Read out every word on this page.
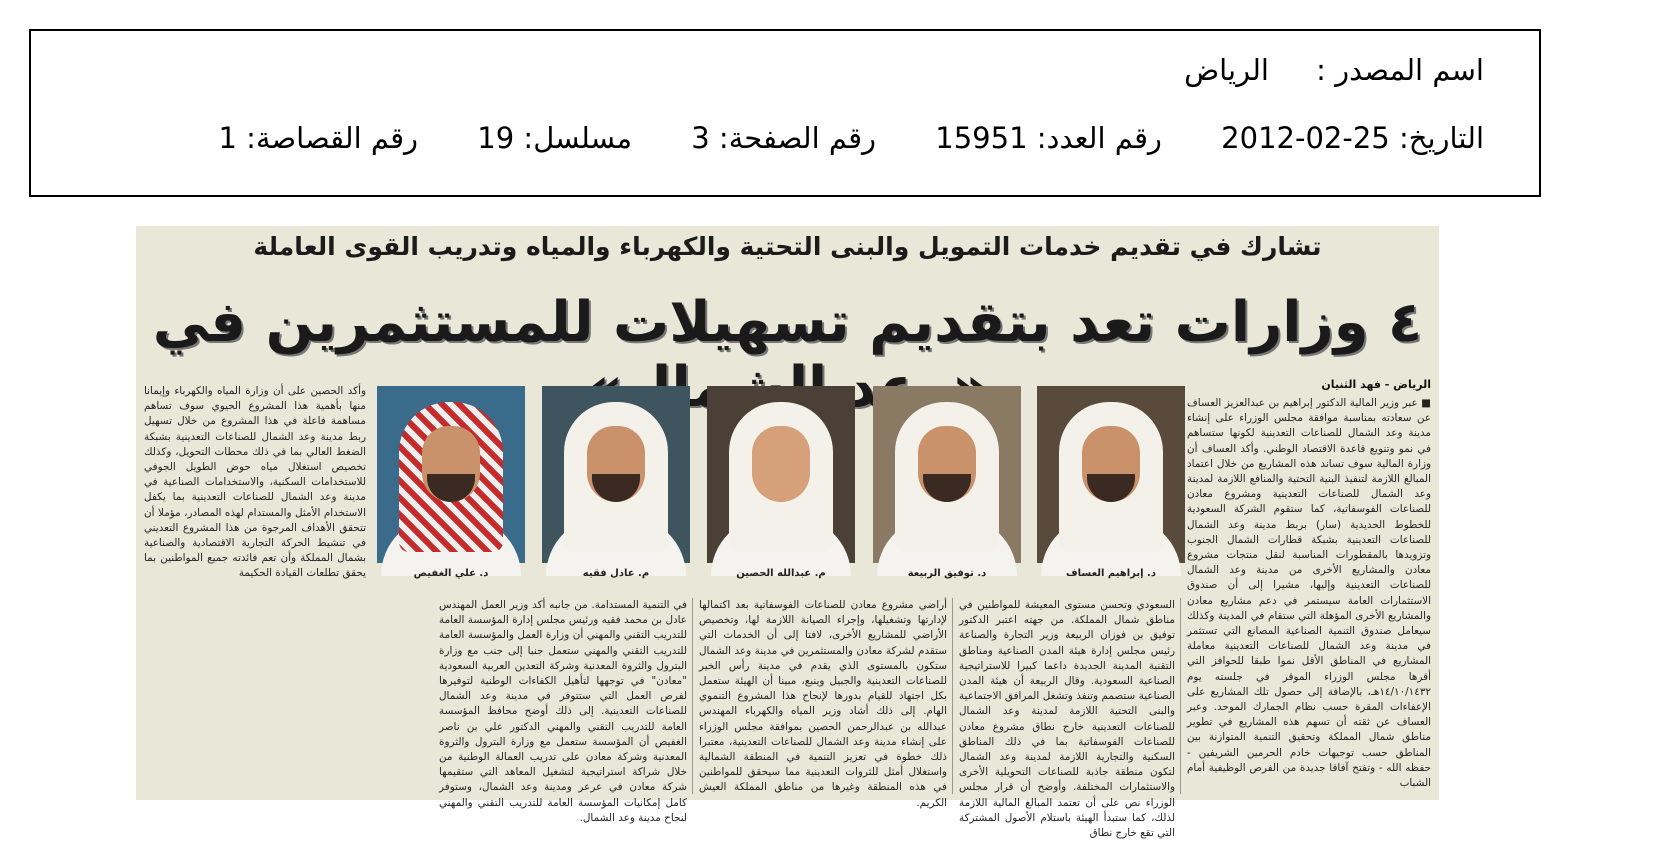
اسم المصدر :الرياض
التاريخ: 25-02-2012 رقم العدد: 15951 رقم الصفحة: 3 مسلسل: 19 رقم القصاصة: 1
تشارك في تقديم خدمات التمويل والبنى التحتية والكهرباء والمياه وتدريب القوى العاملة
٤ وزارات تعد بتقديم تسهيلات للمستثمرين في
الرياض - فهد الثنيان
د. إبراهيم العساف
د. توفيق الربيعة
م. عبدالله الحصين
م. عادل فقيه
د. علي الغفيص

■ عبر وزير المالية الدكتور إبراهيم بن عبدالعزيز العساف عن سعادته بمناسبة موافقة مجلس الوزراء على إنشاء مدينة وعد الشمال للصناعات التعدينية لكونها ستساهم في نمو وتنويع قاعدة الاقتصاد الوطني. وأكد العساف أن وزارة المالية سوف تساند هذه المشاريع من خلال اعتماد المبالغ اللازمة لتنفيذ البنية التحتية والمنافع اللازمة لمدينة وعد الشمال للصناعات التعدينية ومشروع معادن للصناعات الفوسفاتية، كما ستقوم الشركة السعودية للخطوط الحديدية (سار) بربط مدينة وعد الشمال للصناعات التعدينية بشبكة قطارات الشمال الجنوب وتزويدها بالمقطورات المناسبة لنقل منتجات مشروع معادن والمشاريع الأخرى من مدينة وعد الشمال للصناعات التعدينية وإليها، مشيرا إلى أن صندوق الاستثمارات العامة سيستمر في دعم مشاريع معادن والمشاريع الأخرى المؤهلة التي ستقام في المدينة وكذلك سيعامل صندوق التنمية الصناعية المصانع التي تستثمر في مدينة وعد الشمال للصناعات التعدينية معاملة المشاريع في المناطق الأقل نموا طبقا للحوافز التي أقرها مجلس الوزراء الموقر في جلسته يوم ١٤/١٠/١٤٣٢هـ، بالإضافة إلى حصول تلك المشاريع على الإعفاءات المقرة حسب نظام الجمارك الموحد. وعبر العساف عن ثقته أن تسهم هذه المشاريع في تطوير مناطق شمال المملكة وتحقيق التنمية المتوازنة بين المناطق حسب توجيهات خادم الحرمين الشريفين - حفظه الله - وتفتح آفاقا جديدة من الفرص الوظيفية أمام الشباب

السعودي وتحسن مستوى المعيشة للمواطنين في مناطق شمال المملكة. من جهته اعتبر الدكتور توفيق بن فوزان الربيعة وزير التجارة والصناعة رئيس مجلس إدارة هيئة المدن الصناعية ومناطق التقنية المدينة الجديدة داعما كبيرا للاستراتيجية الصناعية السعودية. وقال الربيعة أن هيئة المدن الصناعية ستصمم وتنفذ وتشغل المرافق الاجتماعية والبنى التحتية اللازمة لمدينة وعد الشمال للصناعات التعدينية خارج نطاق مشروع معادن للصناعات الفوسفاتية بما في ذلك المناطق السكنية والتجارية اللازمة لمدينة وعد الشمال لتكون منطقة جاذبة للصناعات التحويلية الأخرى والاستثمارات المختلفة. وأوضح أن قرار مجلس الوزراء نص على أن تعتمد المبالغ المالية اللازمة لذلك، كما ستبدأ الهيئة باستلام الأصول المشتركة التي تقع خارج نطاق

أراضي مشروع معادن للصناعات الفوسفاتية بعد اكتمالها لإدارتها وتشغيلها، وإجراء الصيانة اللازمة لها، وتخصيص الأراضي للمشاريع الأخرى، لافتا إلى أن الخدمات التي ستقدم لشركة معادن والمستثمرين في مدينة وعد الشمال ستكون بالمستوى الذي يقدم في مدينة رأس الخير للصناعات التعدينية والجبيل وينبع، مبينا أن الهيئة ستعمل بكل اجتهاد للقيام بدورها لإنجاح هذا المشروع التنموي الهام. إلى ذلك أشاد وزير المياه والكهرباء المهندس عبدالله بن عبدالرحمن الحصين بموافقة مجلس الوزراء على إنشاء مدينة وعد الشمال للصناعات التعدينية، معتبرا ذلك خطوة في تعزيز التنمية في المنطقة الشمالية واستغلال أمثل للثروات التعدينية مما سيحقق للمواطنين في هذه المنطقة وغيرها من مناطق المملكة العيش الكريم.

في التنمية المستدامة. من جانبه أكد وزير العمل المهندس عادل بن محمد فقيه ورئيس مجلس إدارة المؤسسة العامة للتدريب التقني والمهني أن وزارة العمل والمؤسسة العامة للتدريب التقني والمهني ستعمل جنبا إلى جنب مع وزارة البترول والثروة المعدنية وشركة التعدين العربية السعودية "معادن" في توجهها لتأهيل الكفاءات الوطنية لتوفيرها لفرص العمل التي ستتوفر في مدينة وعد الشمال للصناعات التعدينية. إلى ذلك أوضح محافظ المؤسسة العامة للتدريب التقني والمهني الدكتور علي بن ناصر الغفيص أن المؤسسة ستعمل مع وزارة البترول والثروة المعدنية وشركة معادن على تدريب العمالة الوطنية من خلال شراكة استراتيجية لتشغيل المعاهد التي ستقيمها شركة معادن في عرعر ومدينة وعد الشمال، وستوفر كامل إمكانيات المؤسسة العامة للتدريب التقني والمهني لنجاح مدينة وعد الشمال.

وأكد الحصين على أن وزارة المياه والكهرباء وإيمانا منها بأهمية هذا المشروع الحيوي سوف تساهم مساهمة فاعلة في هذا المشروع من خلال تسهيل ربط مدينة وعد الشمال للصناعات التعدينية بشبكة الضغط العالي بما في ذلك محطات التحويل، وكذلك تخصيص استغلال مياه حوض الطويل الجوفي للاستخدامات السكنية، والاستخدامات الصناعية في مدينة وعد الشمال للصناعات التعدينية بما يكفل الاستخدام الأمثل والمستدام لهذه المصادر، مؤملا أن تتحقق الأهداف المرجوة من هذا المشروع التعديني في تنشيط الحركة التجارية الاقتصادية والصناعية بشمال المملكة وأن تعم فائدته جميع المواطنين بما يحقق تطلعات القيادة الحكيمة
